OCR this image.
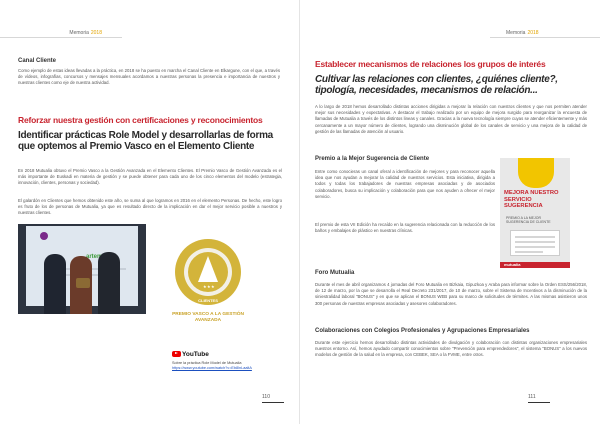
Memoria 2018
Canal Cliente
Como ejemplo de estas ideas llevadas a la práctica, en 2018 se ha puesto en marcha el Canal Cliente en Elkargune, con el que, a través de vídeos, infografías, concursos y mensajes mensuales acordamos a nuestras personas la presencia e importancia de nuestros y nuestras clientes como eje de nuestra actividad.
Reforzar nuestra gestión con certificaciones y reconocimientos
Identificar prácticas Role Model y desarrollarlas de forma que optemos al Premio Vasco en el Elemento Cliente
En 2018 Mutualia obtuvo el Premio Vasco a la Gestión Avanzada en el Elemento Clientes. El Premio Vasco de Gestión Avanzada es el más importante de Euskadi en materia de gestión y se puede obtener para cada uno de los cinco elementos del modelo (estrategia, innovación, clientes, personas y sociedad).
El galardón en Clientes que hemos obtenido este año, se suma al que logramos en 2016 en el elemento Personas. De hecho, este logro es fruto de los de personas de Mutualia, ya que es resultado directo de la implicación en dar el mejor servicio posible a nuestros y nuestras clientes.
★ ★ ★
CLIENTES
PREMIO VASCO A LA GESTIÓN AVANZADA
YouTube
Sobre la práctica Role Model de Mutualia
https://www.youtube.com/watch?v=Eb8lnLaaltA
110
Memoria 2018
Establecer mecanismos de relaciones los grupos de interés
Cultivar las relaciones con clientes, ¿quiénes cliente?, tipología, necesidades, mecanismos de relación...
A lo largo de 2018 hemos desarrollado distintas acciones dirigidas a mejorar la relación con nuestros clientes y que nos permiten atender mejor sus necesidades y expectativas. A destacar el trabajo realizado por un equipo de mejora surgido para reorganizar la encuesta de llamadas de Mutualia a través de los distintos lineas y canales. Gracias a la nueva tecnología siempre cuyas se atender eficientemente y más cercanamente a un mayor número de clientes, logrando una disminución global de los canales de servicio y una mejora de la calidad de gestión de las llamadas de atención al usuario.
Premio a la Mejor Sugerencia de Cliente
Entre como conocieras un canal oferal a identificación de mejores y para reconocer aquella idea que nos ayudan a mejorar la calidad de nuestros servicios. Esta iniciativa, dirigida a todos y todas los trabajadores de nuestras empresas asociadas y de asociados colaboradores, busca su implicación y colaboración para que nos ayuden a ofrecer el mejor servicio.
El premio de esta VII Edición ha recaído en la sugerencia relacionada con la reducción de los baños y embalajes de plástico en nuestras clínicas.
MEJORA NUESTRO SERVICIO SUGERENCIA
PREMIO A LA MEJOR SUGERENCIA DE CLIENTE
mutualia
Foro Mutualia
Durante el mes de abril organizamos 4 jornadas del Foro Mutualia en Bizkaia, Gipuzkoa y Araba para informar sobre la Orden ESS/256/2018, de 12 de marzo, por la que se desarrolla el Real Decreto 231/2017, de 10 de marzo, sobre el Sistema de Incentivos a la disminución de la siniestralidad laboral "BONUS" y en que se aplican el BONUS WEB para su marco de solicitudes de térmites. A las mismas asistieron unos 300 personas de nuestras empresas asociadas y asesores colaboradores.
Colaboraciones con Colegios Profesionales y Agrupaciones Empresariales
Durante este ejercicio hemos desarrollado distintas actividades de divulgación y colaboración con distintas organizaciones empresariales nuestros entorno. Así, hemos ayudado compartir conocimientos sobre "Prevención para emprendedores", el sistema "BONUS" a los nuevos modelos de gestión de la salud en la empresa, con CEBEK, SEA o la FVME, entre otros.
111
